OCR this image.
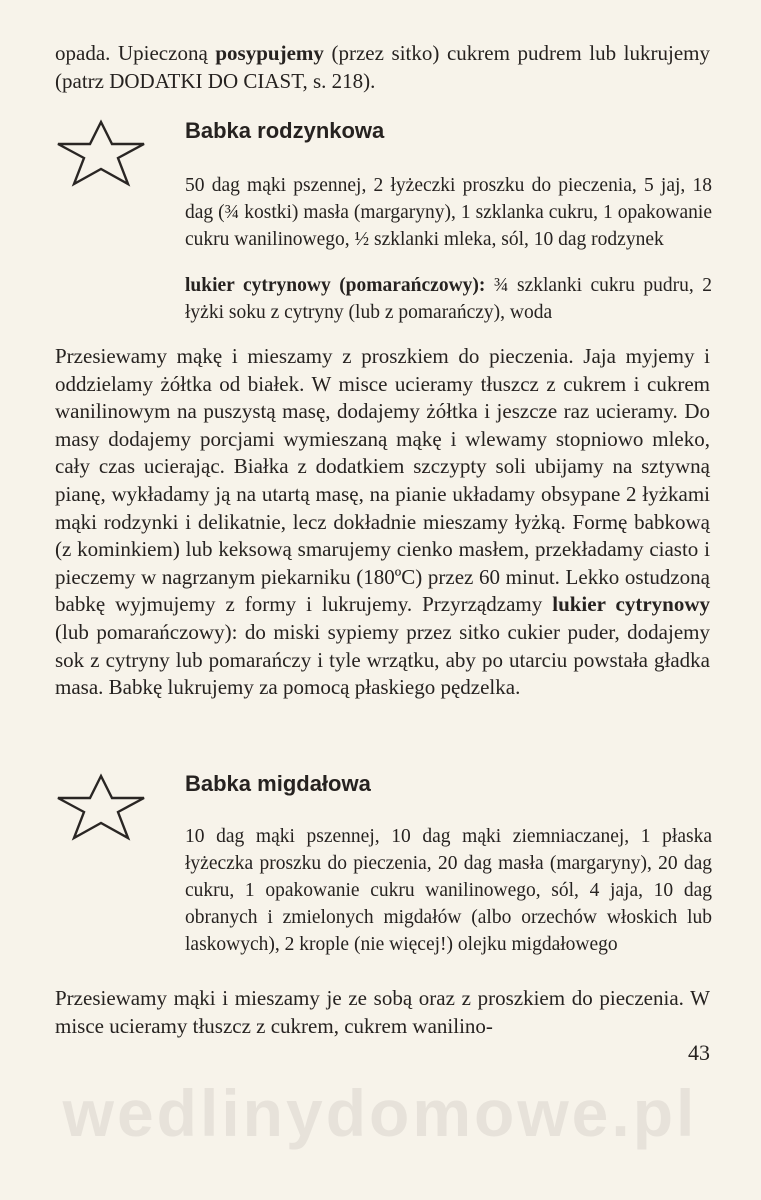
opada. Upieczoną posypujemy (przez sitko) cukrem pudrem lub lukrujemy (patrz DODATKI DO CIAST, s. 218).

Babka rodzynkowa

50 dag mąki pszennej, 2 łyżeczki proszku do pieczenia, 5 jaj, 18 dag (¾ kostki) masła (margaryny), 1 szklanka cukru, 1 opakowanie cukru wanilinowego, ½ szklanki mleka, sól, 10 dag rodzynek

lukier cytrynowy (pomarańczowy): ¾ szklanki cukru pudru, 2 łyżki soku z cytryny (lub z pomarańczy), woda

Przesiewamy mąkę i mieszamy z proszkiem do pieczenia. Jaja myjemy i oddzielamy żółtka od białek. W misce ucieramy tłuszcz z cukrem i cukrem wanilinowym na puszystą masę, dodajemy żółtka i jeszcze raz ucieramy. Do masy dodajemy porcjami wymieszaną mąkę i wlewamy stopniowo mleko, cały czas ucierając. Białka z dodatkiem szczypty soli ubijamy na sztywną pianę, wykładamy ją na utartą masę, na pianie układamy obsypane 2 łyżkami mąki rodzynki i delikatnie, lecz dokładnie mieszamy łyżką. Formę babkową (z kominkiem) lub keksową smarujemy cienko masłem, przekładamy ciasto i pieczemy w nagrzanym piekarniku (180ºC) przez 60 minut. Lekko ostudzoną babkę wyjmujemy z formy i lukrujemy. Przyrządzamy lukier cytrynowy (lub pomarańczowy): do miski sypiemy przez sitko cukier puder, dodajemy sok z cytryny lub pomarańczy i tyle wrzątku, aby po utarciu powstała gładka masa. Babkę lukrujemy za pomocą płaskiego pędzelka.

Babka migdałowa

10 dag mąki pszennej, 10 dag mąki ziemniaczanej, 1 płaska łyżeczka proszku do pieczenia, 20 dag masła (margaryny), 20 dag cukru, 1 opakowanie cukru wanilinowego, sól, 4 jaja, 10 dag obranych i zmielonych migdałów (albo orzechów włoskich lub laskowych), 2 krople (nie więcej!) olejku migdałowego

Przesiewamy mąki i mieszamy je ze sobą oraz z proszkiem do pieczenia. W misce ucieramy tłuszcz z cukrem, cukrem wanilino-

43

wedlinydomowe.pl
